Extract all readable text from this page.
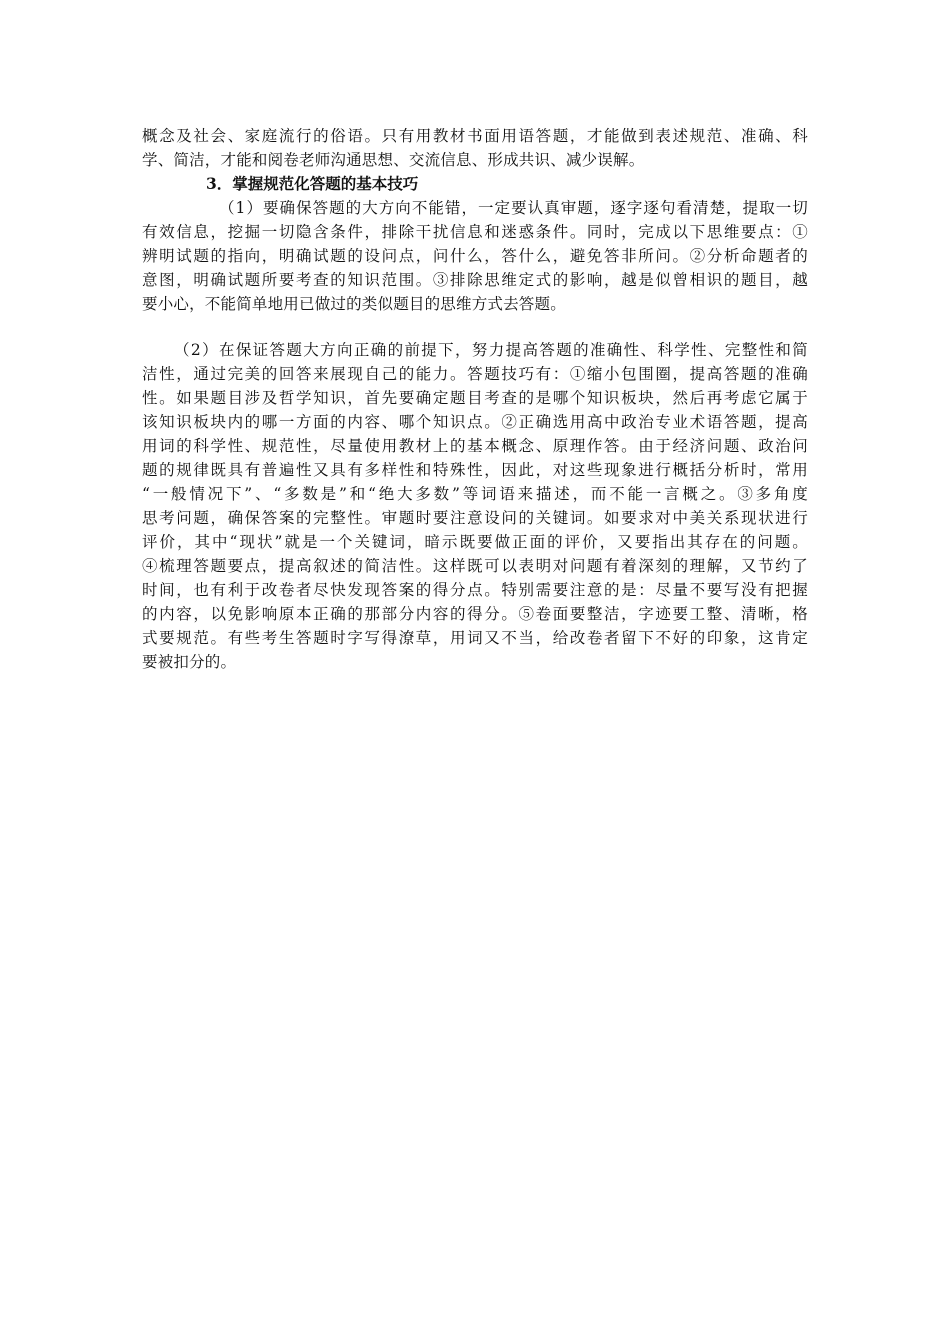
概念及社会、家庭流行的俗语。只有用教材书面用语答题，才能做到表述规范、准确、科
学、简洁，才能和阅卷老师沟通思想、交流信息、形成共识、减少误解。
3．掌握规范化答题的基本技巧
（1）要确保答题的大方向不能错，一定要认真审题，逐字逐句看清楚，提取一切
有效信息，挖掘一切隐含条件，排除干扰信息和迷惑条件。同时，完成以下思维要点：①
辨明试题的指向，明确试题的设问点，问什么，答什么，避免答非所问。②分析命题者的
意图，明确试题所要考查的知识范围。③排除思维定式的影响，越是似曾相识的题目，越
要小心，不能简单地用已做过的类似题目的思维方式去答题。
（2）在保证答题大方向正确的前提下，努力提高答题的准确性、科学性、完整性和简
洁性，通过完美的回答来展现自己的能力。答题技巧有：①缩小包围圈，提高答题的准确
性。如果题目涉及哲学知识，首先要确定题目考查的是哪个知识板块，然后再考虑它属于
该知识板块内的哪一方面的内容、哪个知识点。②正确选用高中政治专业术语答题，提高
用词的科学性、规范性，尽量使用教材上的基本概念、原理作答。由于经济问题、政治问
题的规律既具有普遍性又具有多样性和特殊性，因此，对这些现象进行概括分析时，常用
“一般情况下”、“多数是”和“绝大多数”等词语来描述，而不能一言概之。③多角度
思考问题，确保答案的完整性。审题时要注意设问的关键词。如要求对中美关系现状进行
评价，其中“现状”就是一个关键词，暗示既要做正面的评价，又要指出其存在的问题。
④梳理答题要点，提高叙述的简洁性。这样既可以表明对问题有着深刻的理解，又节约了
时间，也有利于改卷者尽快发现答案的得分点。特别需要注意的是：尽量不要写没有把握
的内容，以免影响原本正确的那部分内容的得分。⑤卷面要整洁，字迹要工整、清晰，格
式要规范。有些考生答题时字写得潦草，用词又不当，给改卷者留下不好的印象，这肯定
要被扣分的。
